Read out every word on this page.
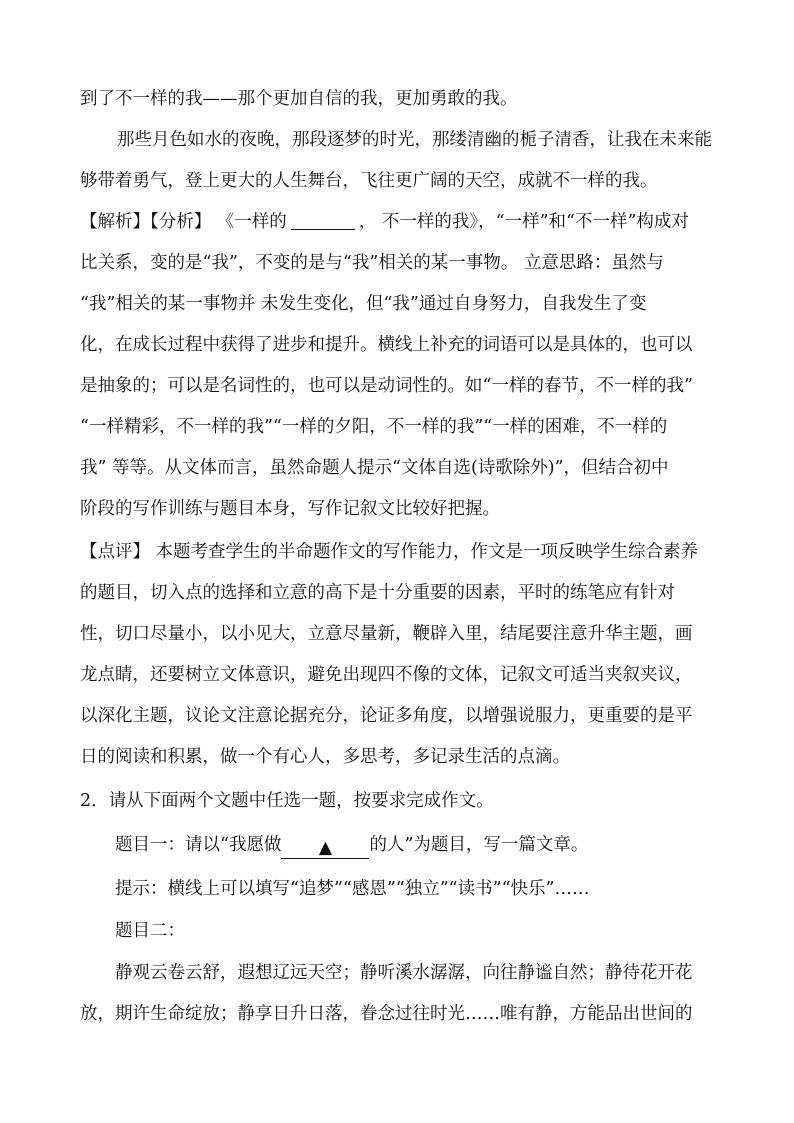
到了不一样的我——那个更加自信的我，更加勇敢的我。
那些月色如水的夜晚，那段逐梦的时光，那缕清幽的栀子清香，让我在未来能
够带着勇气，登上更大的人生舞台，飞往更广阔的天空，成就不一样的我。
【解析】【分析】 《一样的	， 不一样的我》，“一样”和“不一样”构成对
比关系，变的是“我”，不变的是与“我”相关的某一事物。 立意思路：虽然与
“我”相关的某一事物并 未发生变化，但“我”通过自身努力，自我发生了变
化，在成长过程中获得了进步和提升。横线上补充的词语可以是具体的，也可以
是抽象的；可以是名词性的，也可以是动词性的。如“一样的春节，不一样的我”
“一样精彩，不一样的我”“一样的夕阳，不一样的我”“一样的困难，不一样的
我” 等等。从文体而言，虽然命题人提示“文体自选(诗歌除外)”，但结合初中
阶段的写作训练与题目本身，写作记叙文比较好把握。
【点评】 本题考查学生的半命题作文的写作能力，作文是一项反映学生综合素养
的题目，切入点的选择和立意的高下是十分重要的因素，平时的练笔应有针对
性，切口尽量小，以小见大，立意尽量新，鞭辟入里，结尾要注意升华主题，画
龙点睛，还要树立文体意识，避免出现四不像的文体，记叙文可适当夹叙夹议，
以深化主题，议论文注意论据充分，论证多角度，以增强说服力，更重要的是平
日的阅读和积累，做一个有心人，多思考，多记录生活的点滴。
2．请从下面两个文题中任选一题，按要求完成作文。
题目一：请以“我愿做 ▲ 的人”为题目，写一篇文章。
提示：横线上可以填写“追梦”“感恩”“独立”“读书”“快乐”……
题目二：
静观云卷云舒，遐想辽远天空；静听溪水潺潺，向往静谧自然；静待花开花
放，期许生命绽放；静享日升日落，眷念过往时光……唯有静，方能品出世间的
